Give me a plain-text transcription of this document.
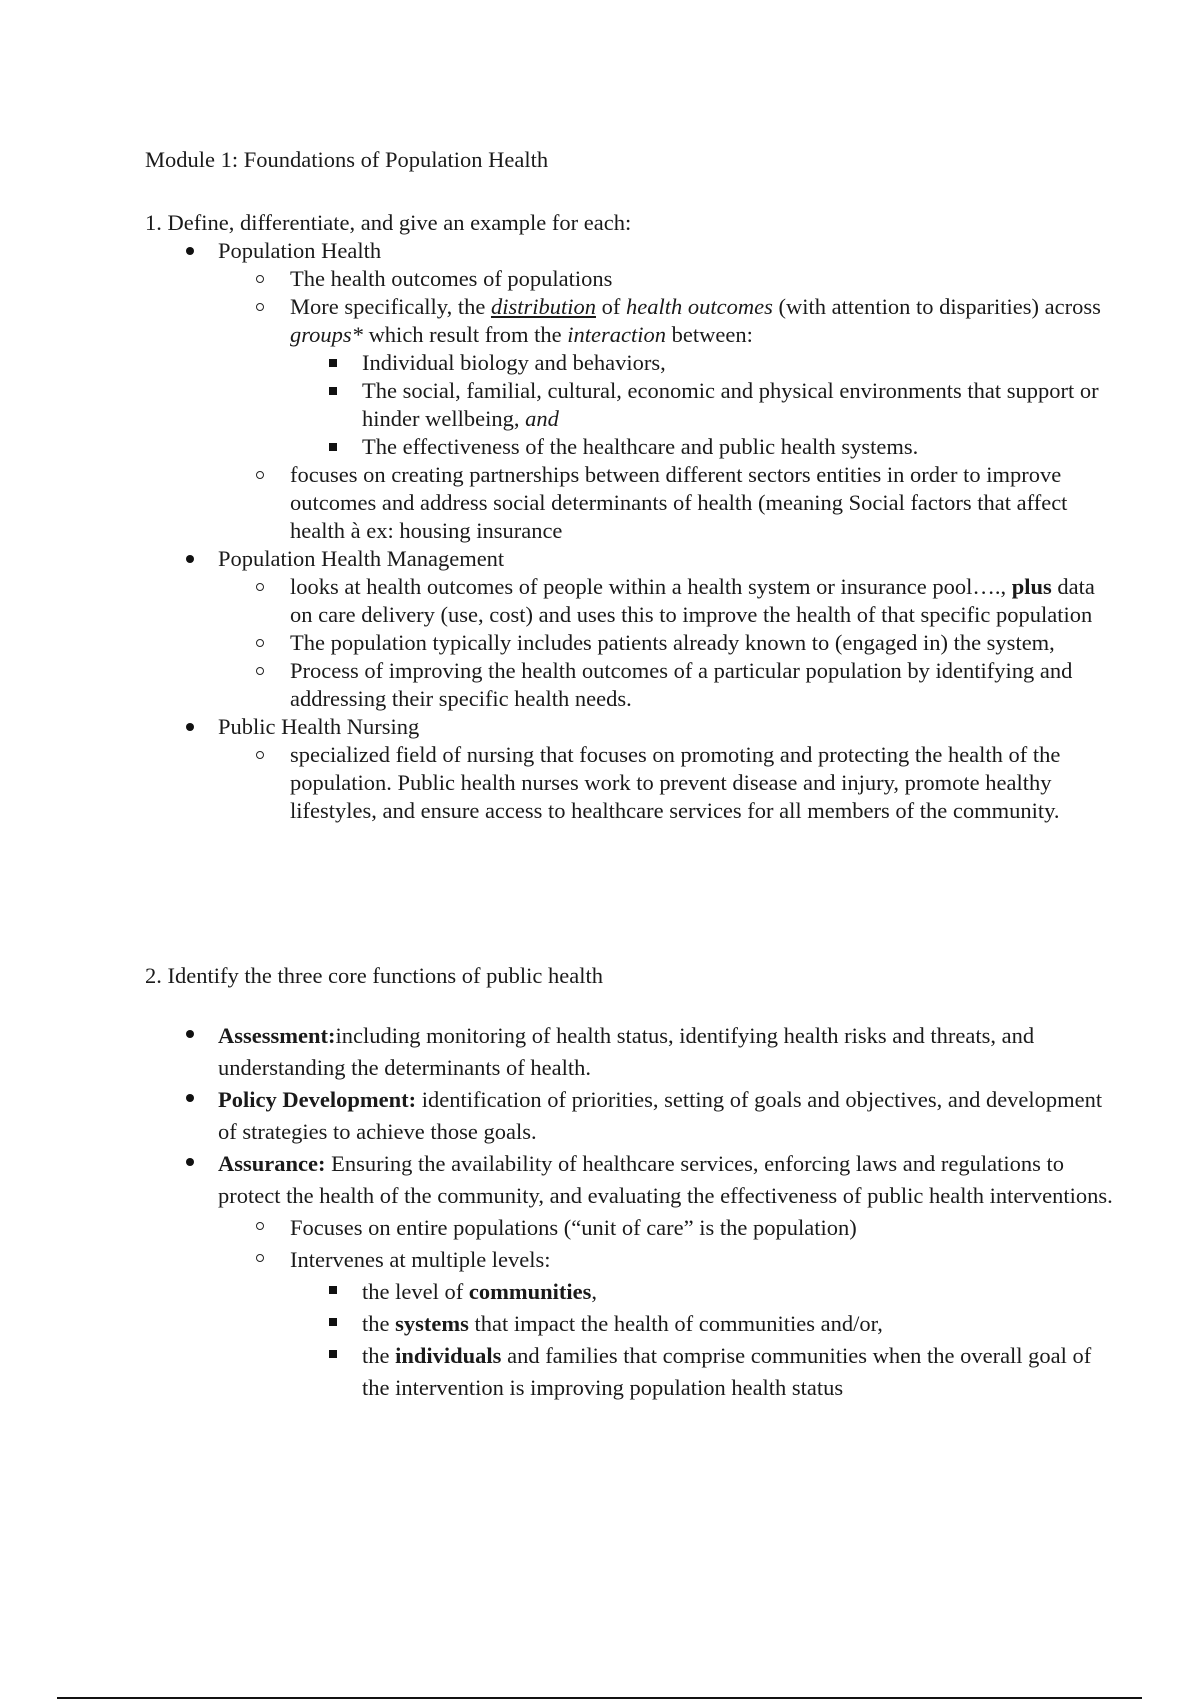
Module 1: Foundations of Population Health
1. Define, differentiate, and give an example for each:
Population Health
The health outcomes of populations
More specifically, the distribution of health outcomes (with attention to disparities) across groups* which result from the interaction between:
Individual biology and behaviors,
The social, familial, cultural, economic and physical environments that support or hinder wellbeing, and
The effectiveness of the healthcare and public health systems.
focuses on creating partnerships between different sectors entities in order to improve outcomes and address social determinants of health (meaning Social factors that affect health à ex: housing insurance
Population Health Management
looks at health outcomes of people within a health system or insurance pool…., plus data on care delivery (use, cost) and uses this to improve the health of that specific population
The population typically includes patients already known to (engaged in) the system,
Process of improving the health outcomes of a particular population by identifying and addressing their specific health needs.
Public Health Nursing
specialized field of nursing that focuses on promoting and protecting the health of the population. Public health nurses work to prevent disease and injury, promote healthy lifestyles, and ensure access to healthcare services for all members of the community.
2. Identify the three core functions of public health
Assessment:including monitoring of health status, identifying health risks and threats, and understanding the determinants of health.
Policy Development: identification of priorities, setting of goals and objectives, and development of strategies to achieve those goals.
Assurance: Ensuring the availability of healthcare services, enforcing laws and regulations to protect the health of the community, and evaluating the effectiveness of public health interventions.
Focuses on entire populations (“unit of care” is the population)
Intervenes at multiple levels:
the level of communities,
the systems that impact the health of communities and/or,
the individuals and families that comprise communities when the overall goal of the intervention is improving population health status
